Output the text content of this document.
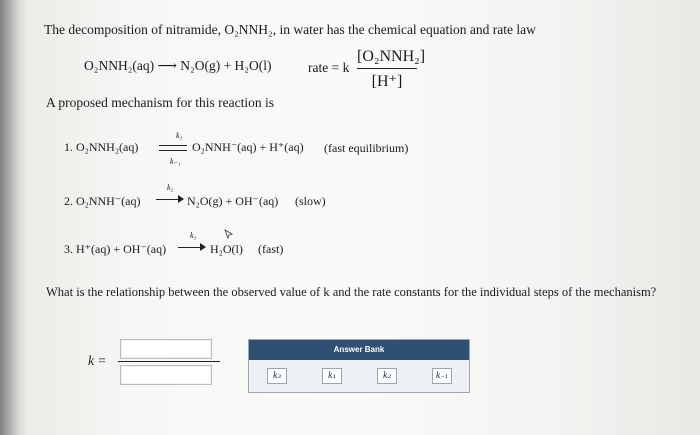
The decomposition of nitramide, O₂NNH₂, in water has the chemical equation and rate law
O₂NNH₂(aq) ⟶ N₂O(g) + H₂O(l)	rate = k
[O₂NNH₂]
[H⁺]
A proposed mechanism for this reaction is
1. O₂NNH₂(aq)
k₁
k₋₁
O₂NNH⁻(aq) + H⁺(aq) (fast equilibrium)
2. O₂NNH⁻(aq)
k₂
N₂O(g) + OH⁻(aq) (slow)
3. H⁺(aq) + OH⁻(aq)
k₃
H₂O(l) (fast)
What is the relationship between the observed value of k and the rate constants for the individual steps of the mechanism?
k =
Answer Bank
k₃	k₁	k₂	k₋₁
